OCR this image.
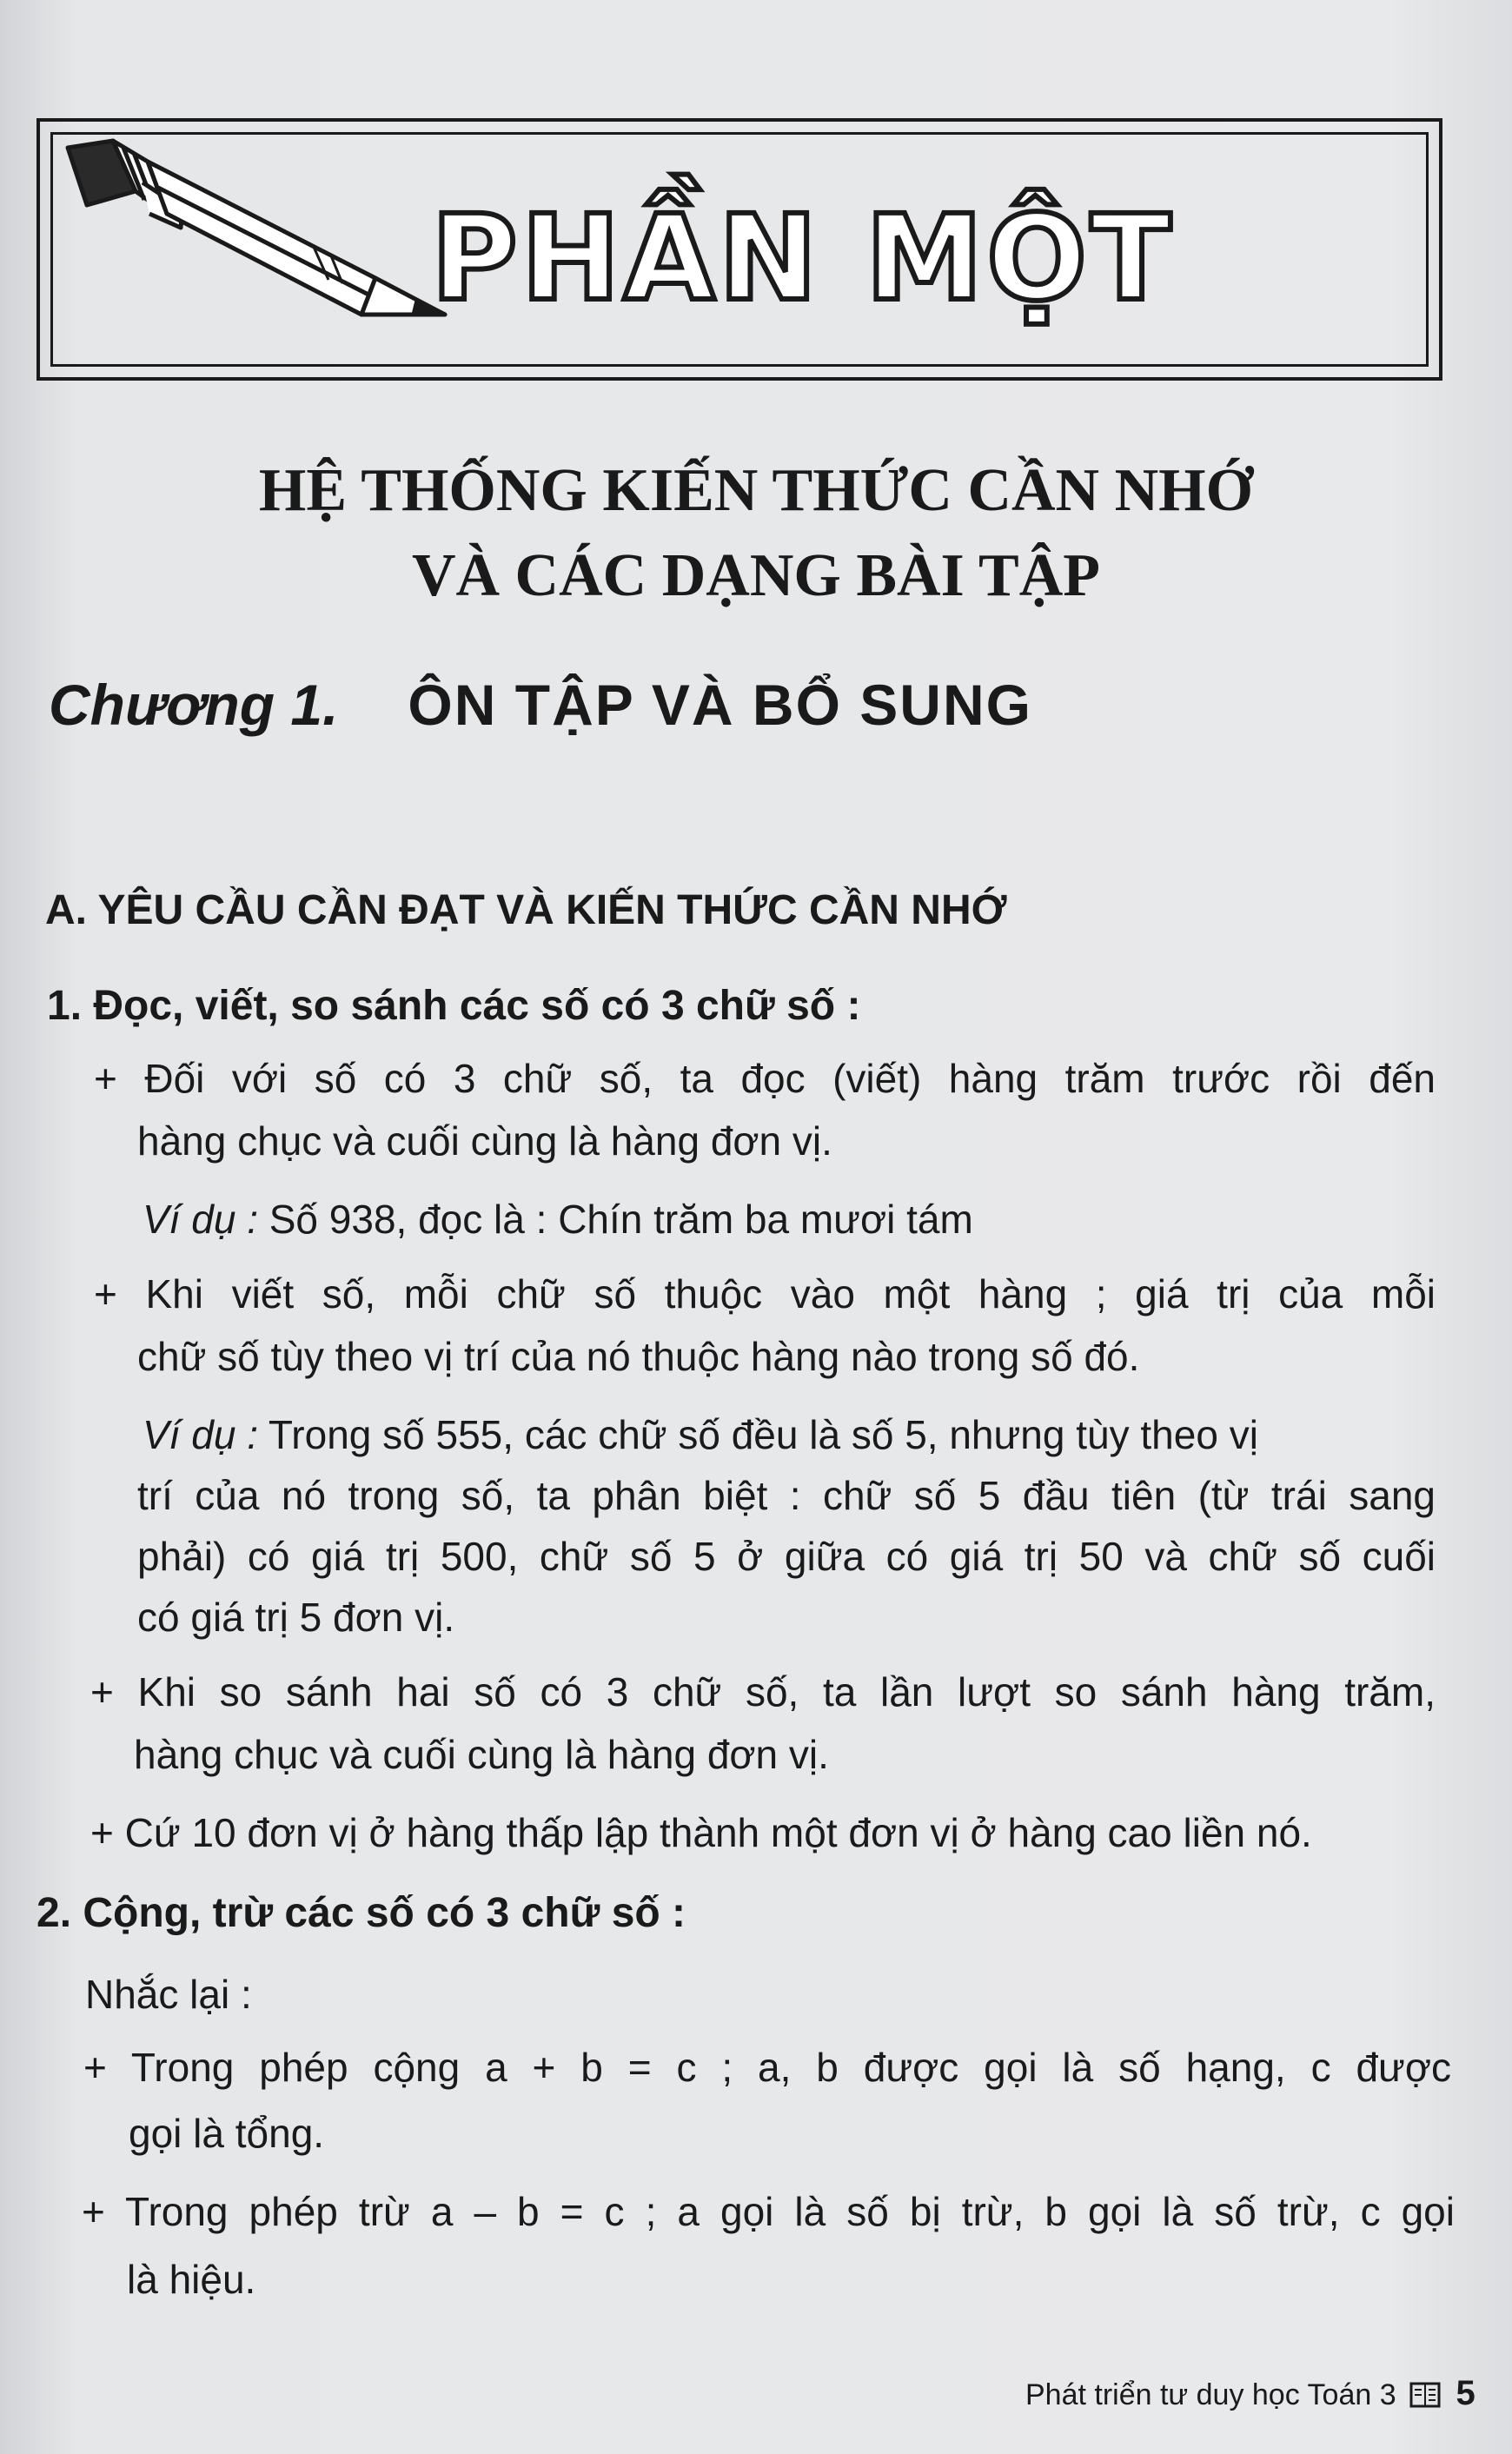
PHẦN MỘT
HỆ THỐNG KIẾN THỨC CẦN NHỚ
VÀ CÁC DẠNG BÀI TẬP
Chương 1. ÔN TẬP VÀ BỔ SUNG
A. YÊU CẦU CẦN ĐẠT VÀ KIẾN THỨC CẦN NHỚ
1. Đọc, viết, so sánh các số có 3 chữ số :
+ Đối với số có 3 chữ số, ta đọc (viết) hàng trăm trước rồi đến
hàng chục và cuối cùng là hàng đơn vị.
Ví dụ : Số 938, đọc là : Chín trăm ba mươi tám
+ Khi viết số, mỗi chữ số thuộc vào một hàng ; giá trị của mỗi
chữ số tùy theo vị trí của nó thuộc hàng nào trong số đó.
Ví dụ : Trong số 555, các chữ số đều là số 5, nhưng tùy theo vị
trí của nó trong số, ta phân biệt : chữ số 5 đầu tiên (từ trái sang
phải) có giá trị 500, chữ số 5 ở giữa có giá trị 50 và chữ số cuối
có giá trị 5 đơn vị.
+ Khi so sánh hai số có 3 chữ số, ta lần lượt so sánh hàng trăm,
hàng chục và cuối cùng là hàng đơn vị.
+ Cứ 10 đơn vị ở hàng thấp lập thành một đơn vị ở hàng cao liền nó.
2. Cộng, trừ các số có 3 chữ số :
Nhắc lại :
+ Trong phép cộng a + b = c ; a, b được gọi là số hạng, c được
gọi là tổng.
+ Trong phép trừ a – b = c ; a gọi là số bị trừ, b gọi là số trừ, c gọi
là hiệu.
Phát triển tư duy học Toán 3 5
